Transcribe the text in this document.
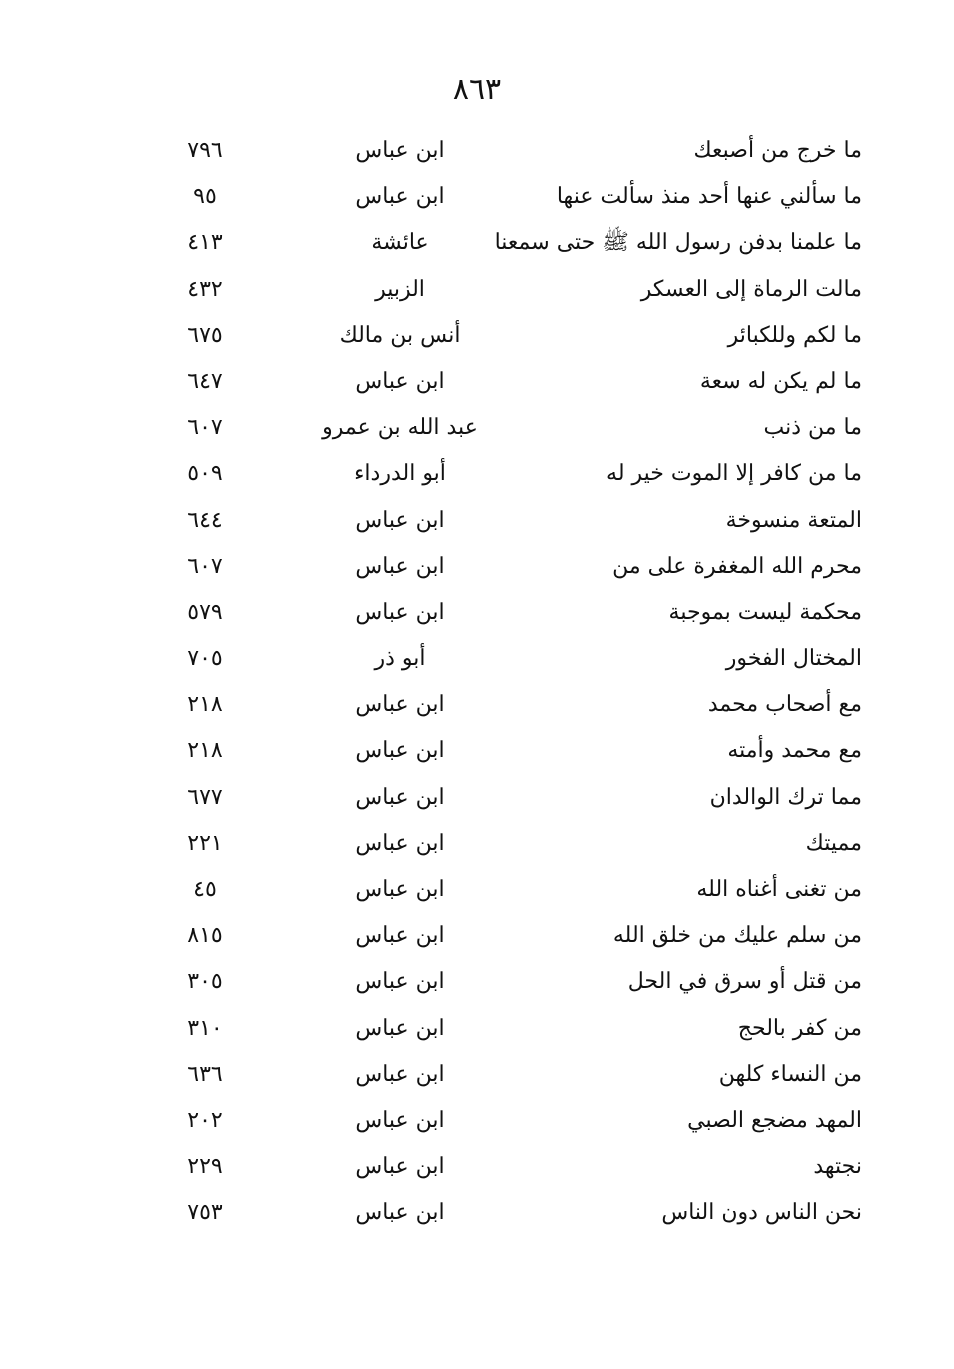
٨٦٣
ما خرج من أصبعك
ابن عباس
٧٩٦
ما سألني عنها أحد منذ سألت عنها
ابن عباس
٩٥
ما علمنا بدفن رسول الله ﷺ حتى سمعنا
عائشة
٤١٣
مالت الرماة إلى العسكر
الزبير
٤٣٢
ما لكم وللكبائر
أنس بن مالك
٦٧٥
ما لم يكن له سعة
ابن عباس
٦٤٧
ما من ذنب
عبد الله بن عمرو
٦٠٧
ما من كافر إلا الموت خير له
أبو الدرداء
٥٠٩
المتعة منسوخة
ابن عباس
٦٤٤
محرم الله المغفرة على من
ابن عباس
٦٠٧
محكمة ليست بموجبة
ابن عباس
٥٧٩
المختال الفخور
أبو ذر
٧٠٥
مع أصحاب محمد
ابن عباس
٢١٨
مع محمد وأمته
ابن عباس
٢١٨
مما ترك الوالدان
ابن عباس
٦٧٧
مميتك
ابن عباس
٢٢١
من تغنى أغناه الله
ابن عباس
٤٥
من سلم عليك من خلق الله
ابن عباس
٨١٥
من قتل أو سرق في الحل
ابن عباس
٣٠٥
من كفر بالحج
ابن عباس
٣١٠
من النساء كلهن
ابن عباس
٦٣٦
المهد مضجع الصبي
ابن عباس
٢٠٢
نجتهد
ابن عباس
٢٢٩
نحن الناس دون الناس
ابن عباس
٧٥٣
